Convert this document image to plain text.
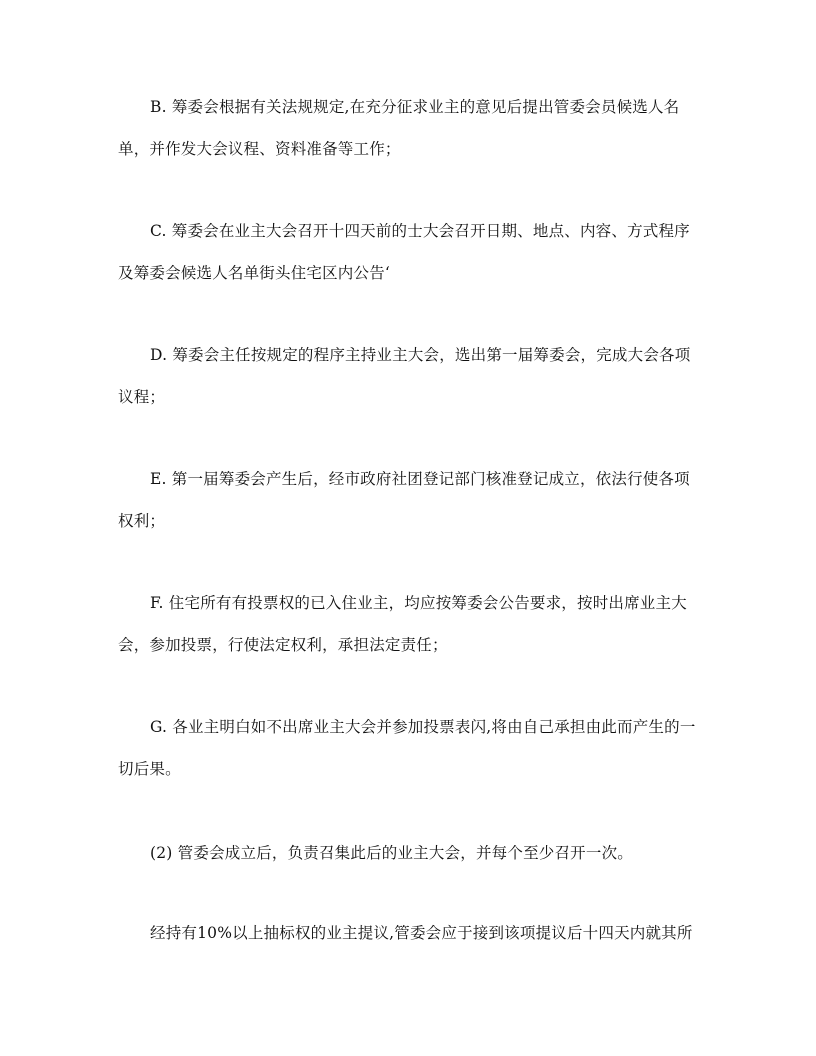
B. 筹委会根据有关法规规定,在充分征求业主的意见后提出管委会员候选人名单，并作发大会议程、资料准备等工作；

C. 筹委会在业主大会召开十四天前的士大会召开日期、地点、内容、方式程序及筹委会候选人名单街头住宅区内公告‘

D. 筹委会主任按规定的程序主持业主大会，选出第一届筹委会，完成大会各项议程；

E. 第一届筹委会产生后，经市政府社团登记部门核准登记成立，依法行使各项权利；

F. 住宅所有有投票权的已入住业主，均应按筹委会公告要求，按时出席业主大会，参加投票，行使法定权利，承担法定责任；

G. 各业主明白如不出席业主大会并参加投票表闪,将由自己承担由此而产生的一切后果。

(2) 管委会成立后，负责召集此后的业主大会，并每个至少召开一次。

经持有10%以上抽标权的业主提议,管委会应于接到该项提议后十四天内就其所
